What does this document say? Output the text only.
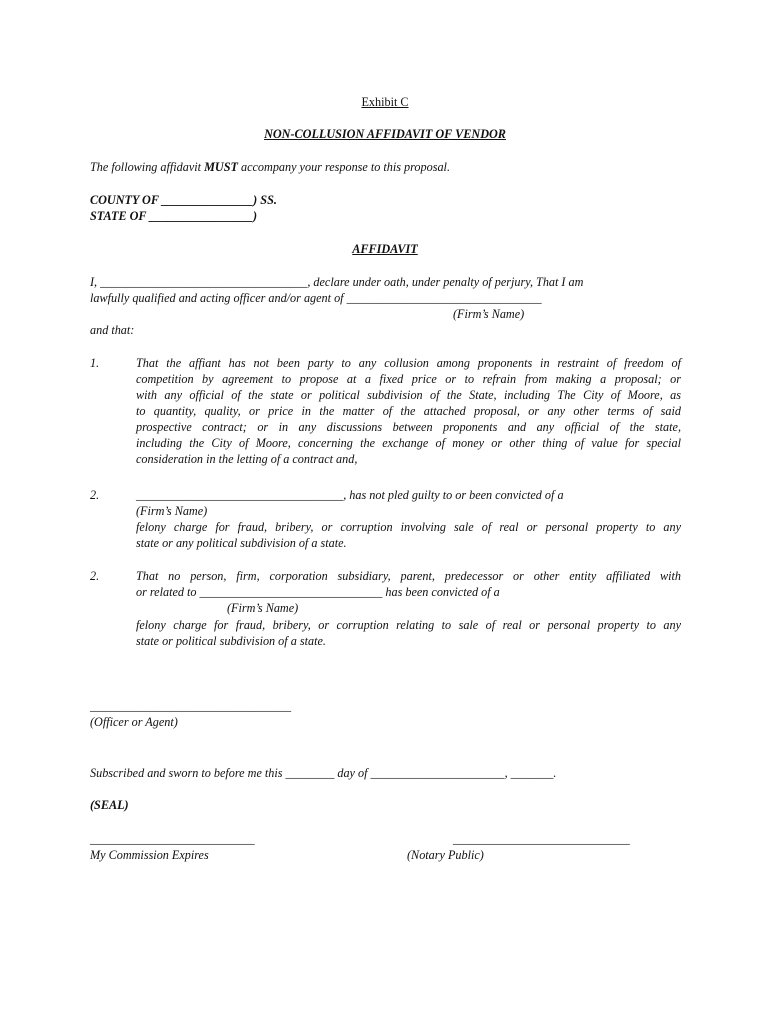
Exhibit C
NON-COLLUSION AFFIDAVIT OF VENDOR
The following affidavit MUST accompany your response to this proposal.
COUNTY OF _______________) SS.
STATE OF _________________)
AFFIDAVIT
I, __________________________________, declare under oath, under penalty of perjury, That I am
lawfully qualified and acting officer and/or agent of ________________________________
(Firm’s Name)
and that:
1.	That the affiant has not been party to any collusion among proponents in restraint of freedom of
competition by agreement to propose at a fixed price or to refrain from making a proposal; or
with any official of the state or political subdivision of the State, including The City of Moore, as
to quantity, quality, or price in the matter of the attached proposal, or any other terms of said
prospective contract; or in any discussions between proponents and any official of the state,
including the City of Moore, concerning the exchange of money or other thing of value for special
consideration in the letting of a contract and,
2.	__________________________________, has not pled guilty to or been convicted of a
(Firm’s Name)
felony charge for fraud, bribery, or corruption involving sale of real or personal property to any
state or any political subdivision of a state.
2.	That no person, firm, corporation subsidiary, parent, predecessor or other entity affiliated with
or related to ______________________________ has been convicted of a
(Firm’s Name)
felony charge for fraud, bribery, or corruption relating to sale of real or personal property to any
state or political subdivision of a state.
_________________________________
(Officer or Agent)
Subscribed and sworn to before me this ________ day of ______________________, _______.
(SEAL)
___________________________
My Commission Expires
_____________________________
(Notary Public)
